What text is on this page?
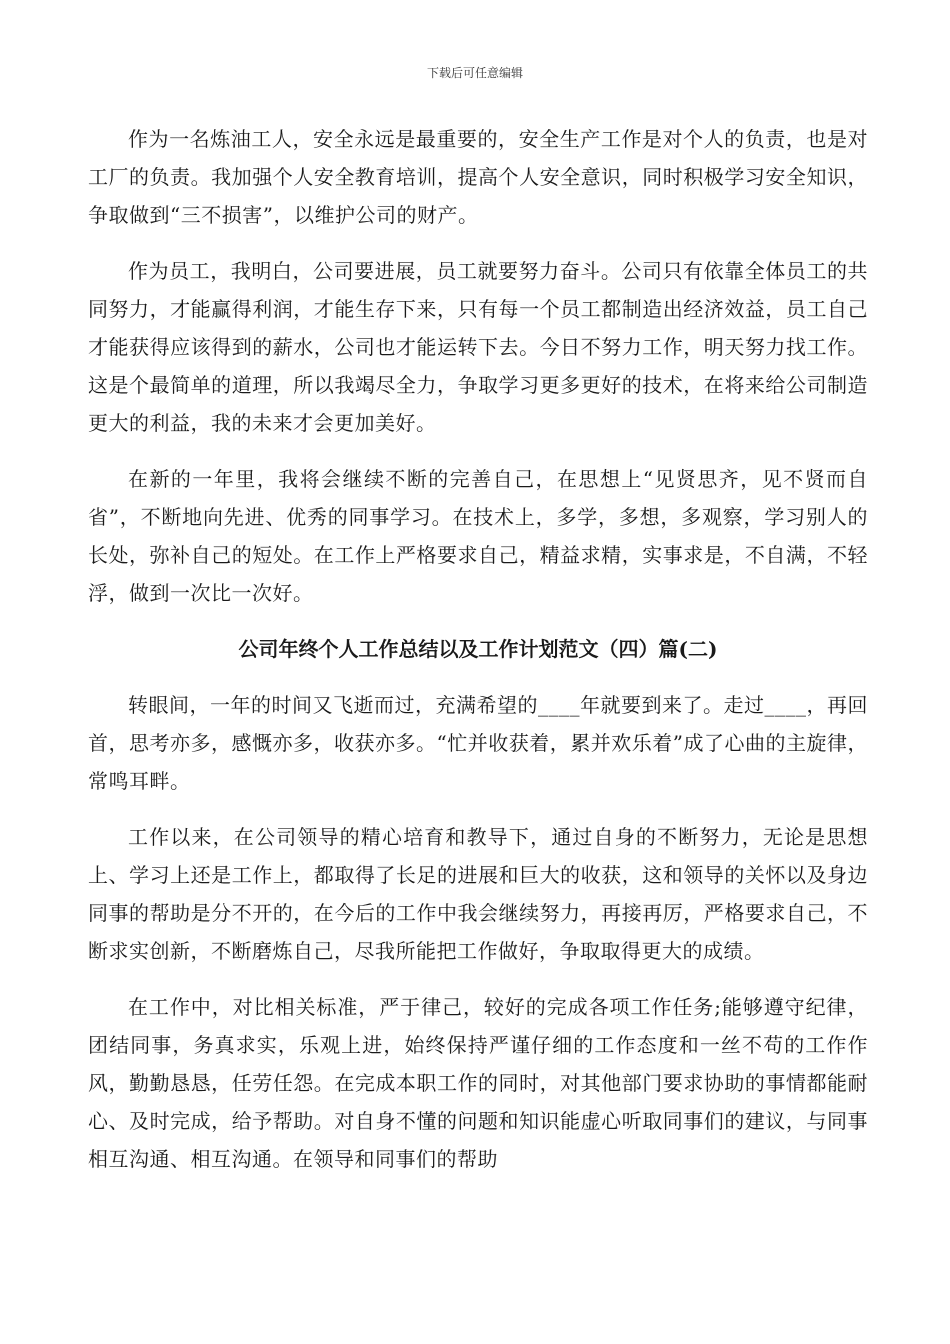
下载后可任意编辑

作为一名炼油工人，安全永远是最重要的，安全生产工作是对个人的负责，也是对工厂的负责。我加强个人安全教育培训，提高个人安全意识，同时积极学习安全知识，争取做到“三不损害”，以维护公司的财产。

作为员工，我明白，公司要进展，员工就要努力奋斗。公司只有依靠全体员工的共同努力，才能赢得利润，才能生存下来，只有每一个员工都制造出经济效益，员工自己才能获得应该得到的薪水，公司也才能运转下去。今日不努力工作，明天努力找工作。这是个最简单的道理，所以我竭尽全力，争取学习更多更好的技术，在将来给公司制造更大的利益，我的未来才会更加美好。

在新的一年里，我将会继续不断的完善自己，在思想上“见贤思齐，见不贤而自省”，不断地向先进、优秀的同事学习。在技术上，多学，多想，多观察，学习别人的长处，弥补自己的短处。在工作上严格要求自己，精益求精，实事求是，不自满，不轻浮，做到一次比一次好。

公司年终个人工作总结以及工作计划范文（四）篇(二)

转眼间，一年的时间又飞逝而过，充满希望的____年就要到来了。走过____，再回首，思考亦多，感慨亦多，收获亦多。“忙并收获着，累并欢乐着”成了心曲的主旋律，常鸣耳畔。

工作以来，在公司领导的精心培育和教导下，通过自身的不断努力，无论是思想上、学习上还是工作上，都取得了长足的进展和巨大的收获，这和领导的关怀以及身边同事的帮助是分不开的，在今后的工作中我会继续努力，再接再厉，严格要求自己，不断求实创新，不断磨炼自己，尽我所能把工作做好，争取取得更大的成绩。

在工作中，对比相关标准，严于律己，较好的完成各项工作任务;能够遵守纪律，团结同事，务真求实，乐观上进，始终保持严谨仔细的工作态度和一丝不苟的工作作风，勤勤恳恳，任劳任怨。在完成本职工作的同时，对其他部门要求协助的事情都能耐心、及时完成，给予帮助。对自身不懂的问题和知识能虚心听取同事们的建议，与同事相互沟通、相互沟通。在领导和同事们的帮助
